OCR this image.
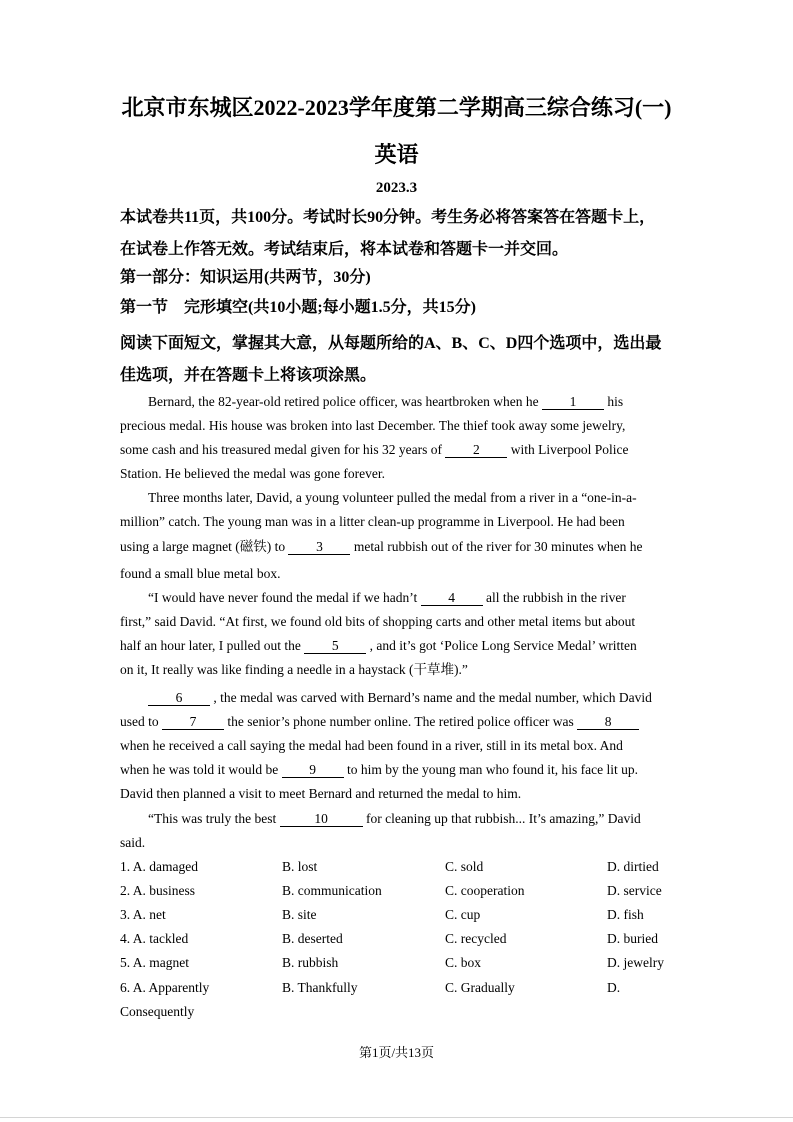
北京市东城区2022-2023学年度第二学期高三综合练习(一)
英语
2023.3
本试卷共11页，共100分。考试时长90分钟。考生务必将答案答在答题卡上，
在试卷上作答无效。考试结束后，将本试卷和答题卡一并交回。
第一部分：知识运用(共两节，30分)
第一节　完形填空(共10小题;每小题1.5分，共15分)
阅读下面短文，掌握其大意，从每题所给的A、B、C、D四个选项中，选出最
佳选项，并在答题卡上将该项涂黑。
Bernard, the 82-year-old retired police officer, was heartbroken when he 1 his
precious medal. His house was broken into last December. The thief took away some jewelry,
some cash and his treasured medal given for his 32 years of 2 with Liverpool Police
Station. He believed the medal was gone forever.
Three months later, David, a young volunteer pulled the medal from a river in a “one-in-a-
million” catch. The young man was in a litter clean-up programme in Liverpool. He had been
using a large magnet (磁铁) to 3 metal rubbish out of the river for 30 minutes when he
found a small blue metal box.
“I would have never found the medal if we hadn’t 4 all the rubbish in the river
first,” said David. “At first, we found old bits of shopping carts and other metal items but about
half an hour later, I pulled out the 5 , and it’s got ‘Police Long Service Medal’ written
on it, It really was like finding a needle in a haystack (干草堆).”
6 , the medal was carved with Bernard’s name and the medal number, which David
used to 7 the senior’s phone number online. The retired police officer was 8
when he received a call saying the medal had been found in a river, still in its metal box. And
when he was told it would be 9 to him by the young man who found it, his face lit up.
David then planned a visit to meet Bernard and returned the medal to him.
“This was truly the best	10	for cleaning up that rubbish... It’s amazing,” David
said.
1. A. damaged	B. lost	C. sold	D. dirtied
2. A. business	B. communication	C. cooperation	D. service
3. A. net	B. site	C. cup	D. fish
4. A. tackled	B. deserted	C. recycled	D. buried
5. A. magnet	B. rubbish	C. box	D. jewelry
6. A. Apparently	B. Thankfully	C. Gradually	D.
Consequently
第1页/共13页
